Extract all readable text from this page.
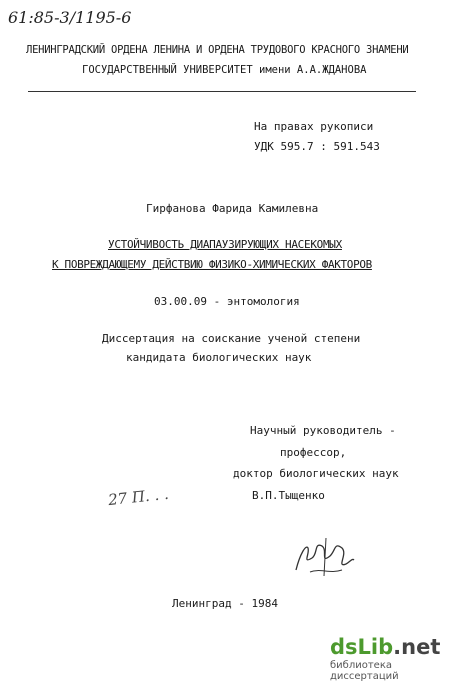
61:85-3/1195-6
ЛЕНИНГРАДСКИЙ ОРДЕНА ЛЕНИНА И ОРДЕНА ТРУДОВОГО КРАСНОГО ЗНАМЕНИ
ГОСУДАРСТВЕННЫЙ УНИВЕРСИТЕТ имени А.А.ЖДАНОВА
На правах рукописи
УДК 595.7 : 591.543
Гирфанова Фарида Камилевна
УСТОЙЧИВОСТЬ ДИАПАУЗИРУЮЩИХ НАСЕКОМЫХ
К ПОВРЕЖДАЮЩЕМУ ДЕЙСТВИЮ ФИЗИКО-ХИМИЧЕСКИХ ФАКТОРОВ
03.00.09 - энтомология
Диссертация на соискание ученой степени
кандидата биологических наук
Научный руководитель -
профессор,
доктор биологических наук
В.П.Тыщенко
27 П. . .
Ленинград - 1984
dsLib.net
библиотека диссертаций
